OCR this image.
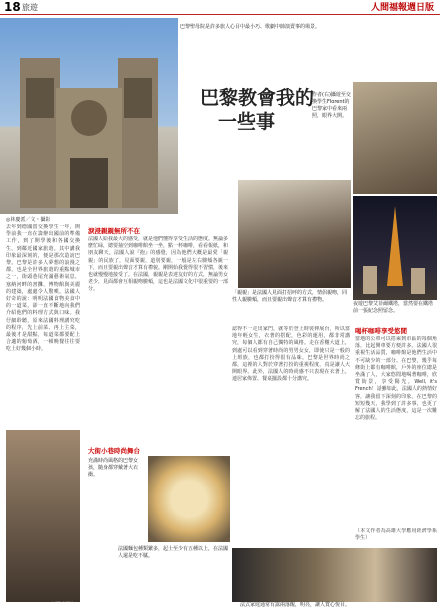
18 旅遊	人間福報週日版
巴黎聖母院是許多旅人心目中最小巧、歌劇中帥演賣事的場景。
巴黎教會我的
一些事
作者(右)攝遊至交換學生Florent的巴黎家中看來兩照，眼界大開。
夜遊巴黎艾菲爾鐵塔，當然要在鐵塔前一張紀念照留念。
「親親」是法國人見面打招呼的方式，情侶親吻，同性人親臉頰，而且要親出聲音才算有禮物。
◎林慶派／文・攝影
去年到德國當交換學生一年，開學前我一直在籌辦出國前的準備工作，到了開學後和各國交換生，到鄰近國家旅遊。其中講我印象最深刻的，便是那次造訪巴黎。巴黎是許多人夢想的浪漫之都，也是全世界旅遊的重點城市之一，街頭巷尾充滿藝術氣息，塞納河畔的書攤、博物館與美麗的建築，處處令人驚嘆。法國人好奇的說：明明法國食物美食中的一道菜，卻一直不斷地向我們介紹他們的料理方式與口味。我仔細聆聽，原來法國料理講究吃的程序，先上前菜、再上主菜，最後才是甜點，每道菜都要配上合適的葡萄酒，一頓晚餐往往要吃上好幾個小時。
淚浸親親無所不在
法國人給我最大的感受，就是他們懂得享受生活的態度。無論多麼忙碌，總要抽空到咖啡館坐一坐，點一杯咖啡，看看報紙，和朋友聊天。法國人說『抱』的感覺，因為他們大概是最愛「親親」的民族了，見面要親，道別要親，一般是左右臉頰各親一下，而且要親出聲音才算有禮貌。剛開始我覺得很不習慣，後來也就慢慢地接受了。在法國，親親是表達友好的方式，無論男女老少，見面都會互相親吻臉頰，這也是法國文化中很重要的一部分。
認得不一走出家門，就等於登上時裝伸展台，所以當地年輕女生，衣著的搭配，色彩的運用，都非常講究，每個人都有自己獨特的風格。走在香榭大道上，到處可以看到穿著時尚的男男女女，即使只是一般的上班族，也都打扮得很有品味。巴黎是世界時尚之都，這裡的人對於穿著打扮的重視程度，真是讓人大開眼界。此外，法國人的時尚感不只表現在衣著上，連居家佈置、餐桌擺設都十分講究。
喝杯咖啡享受悠閒
當地的公車可以搭乘到市區的每個角落，比起開車要方便許多。法國人很重視生活品質，咖啡館是他們生活中不可缺少的一部分。在巴黎，幾乎每條街上都有咖啡館，戶外的座位總是坐滿了人，大家悠閒地喝著咖啡，欣賞街景，享受陽光。Well, it's French！話雖如此，法國人的熱情好客，讓我留下深刻的印象。在巴黎的短短幾天，我學到了許多事，也更了解了法國人的生活態度，這是一次難忘的旅程。
（本文作者為高雄大學應用經濟學系學生）
本報資料照片
大街小巷時尚舞台
充滿時尚風格的巴黎女孩，隨身都穿戴著大衣衝。
法國麵包種類繁多，起士至少有五種以上，在法國人還是吃不膩。
法式家庭通常有露兩落醒，明亮，讓人賞心悅目。
